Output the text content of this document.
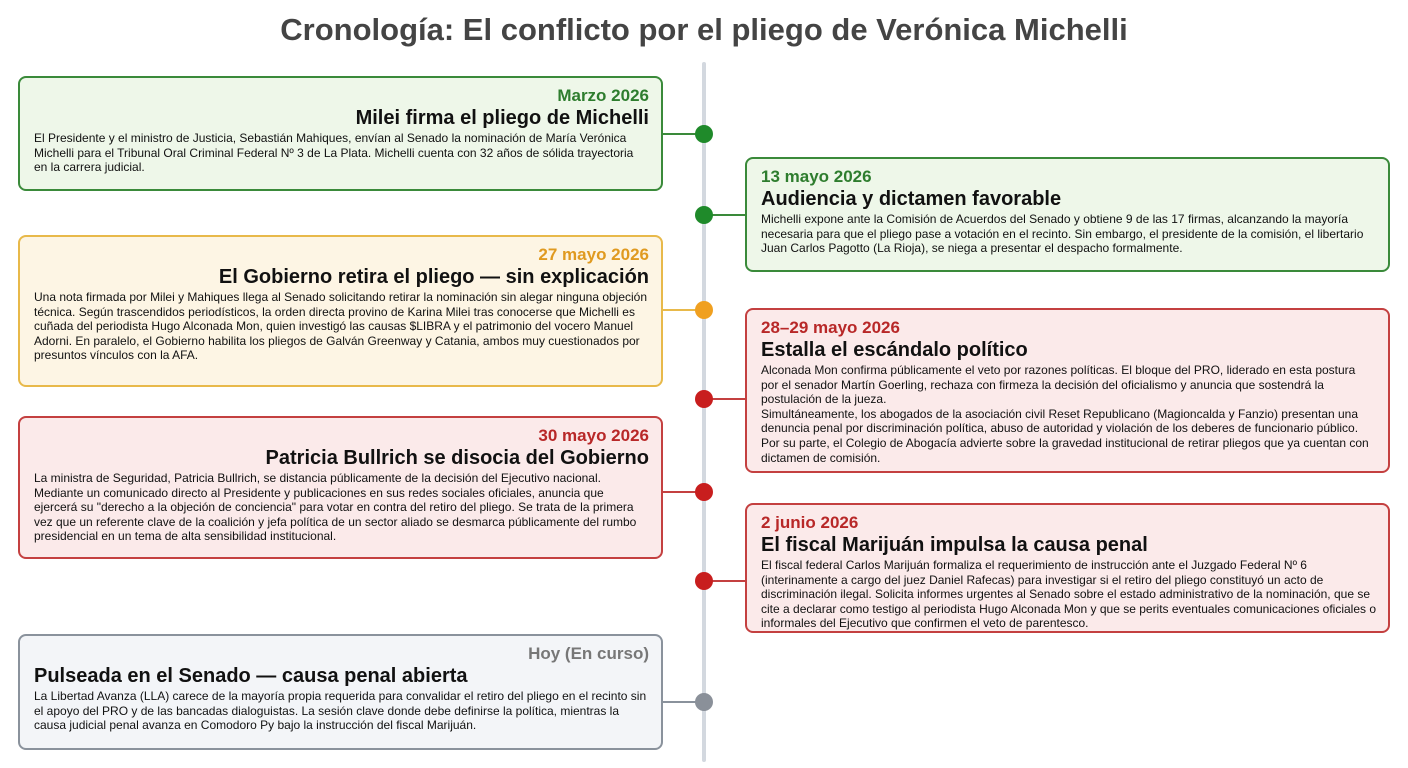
Cronología: El conflicto por el pliego de Verónica Michelli
Marzo 2026
Milei firma el pliego de Michelli
El Presidente y el ministro de Justicia, Sebastián Mahiques, envían al Senado la nominación de María Verónica Michelli para el Tribunal Oral Criminal Federal Nº 3 de La Plata. Michelli cuenta con 32 años de sólida trayectoria en la carrera judicial.	13 mayo 2026
Audiencia y dictamen favorable
Michelli expone ante la Comisión de Acuerdos del Senado y obtiene 9 de las 17 firmas, alcanzando la mayoría necesaria para que el pliego pase a votación en el recinto. Sin embargo, el presidente de la comisión, el libertario Juan Carlos Pagotto (La Rioja), se niega a presentar el despacho formalmente.
27 mayo 2026
El Gobierno retira el pliego — sin explicación
Una nota firmada por Milei y Mahiques llega al Senado solicitando retirar la nominación sin alegar ninguna objeción técnica. Según trascendidos periodísticos, la orden directa provino de Karina Milei tras conocerse que Michelli es cuñada del periodista Hugo Alconada Mon, quien investigó las causas $LIBRA y el patrimonio del vocero Manuel Adorni. En paralelo, el Gobierno habilita los pliegos de Galván Greenway y Catania, ambos muy cuestionados por presuntos vínculos con la AFA.
28–29 mayo 2026
Estalla el escándalo político
Alconada Mon confirma públicamente el veto por razones políticas. El bloque del PRO, liderado en esta postura por el senador Martín Goerling, rechaza con firmeza la decisión del oficialismo y anuncia que sostendrá la postulación de la jueza.
Simultáneamente, los abogados de la asociación civil Reset Republicano (Magioncalda y Fanzio) presentan una denuncia penal por discriminación política, abuso de autoridad y violación de los deberes de funcionario público. Por su parte, el Colegio de Abogacía advierte sobre la gravedad institucional de retirar pliegos que ya cuentan con dictamen de comisión.
30 mayo 2026
Patricia Bullrich se disocia del Gobierno
La ministra de Seguridad, Patricia Bullrich, se distancia públicamente de la decisión del Ejecutivo nacional. Mediante un comunicado directo al Presidente y publicaciones en sus redes sociales oficiales, anuncia que ejercerá su "derecho a la objeción de conciencia" para votar en contra del retiro del pliego. Se trata de la primera vez que un referente clave de la coalición y jefa política de un sector aliado se desmarca públicamente del rumbo presidencial en un tema de alta sensibilidad institucional.
2 junio 2026
El fiscal Marijuán impulsa la causa penal
El fiscal federal Carlos Marijuán formaliza el requerimiento de instrucción ante el Juzgado Federal Nº 6 (interinamente a cargo del juez Daniel Rafecas) para investigar si el retiro del pliego constituyó un acto de discriminación ilegal. Solicita informes urgentes al Senado sobre el estado administrativo de la nominación, que se cite a declarar como testigo al periodista Hugo Alconada Mon y que se perits eventuales comunicaciones oficiales o informales del Ejecutivo que confirmen el veto de parentesco.
Hoy (En curso)
Pulseada en el Senado — causa penal abierta
La Libertad Avanza (LLA) carece de la mayoría propia requerida para convalidar el retiro del pliego en el recinto sin el apoyo del PRO y de las bancadas dialoguistas. La sesión clave donde debe definirse la política, mientras la causa judicial penal avanza en Comodoro Py bajo la instrucción del fiscal Marijuán.
